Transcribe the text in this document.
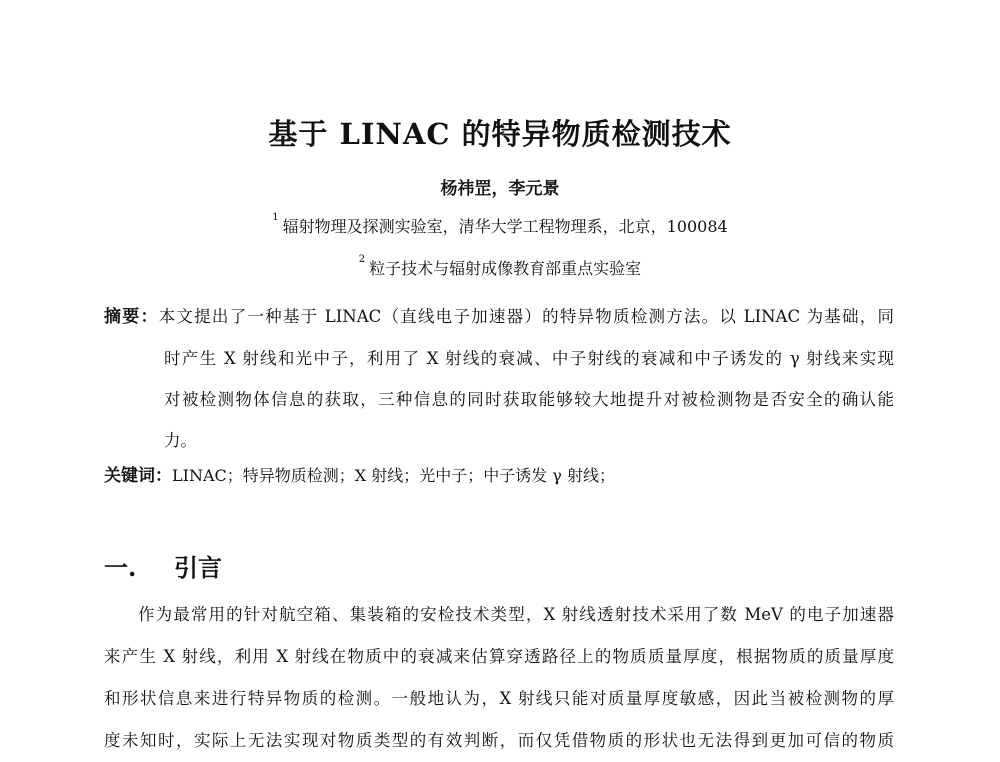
基于 LINAC 的特异物质检测技术
杨祎罡，李元景
$^1$ 辐射物理及探测实验室，清华大学工程物理系，北京，100084
$^2$ 粒子技术与辐射成像教育部重点实验室
摘要：本文提出了一种基于 LINAC（直线电子加速器）的特异物质检测方法。以 LINAC 为基础，同
时产生 X 射线和光中子，利用了 X 射线的衰减、中子射线的衰减和中子诱发的 γ 射线来实现
对被检测物体信息的获取，三种信息的同时获取能够较大地提升对被检测物是否安全的确认能
力。
关键词：LINAC；特异物质检测；X 射线；光中子；中子诱发 γ 射线；
一. 引言
作为最常用的针对航空箱、集装箱的安检技术类型，X 射线透射技术采用了数 MeV 的电子加速器
来产生 X 射线，利用 X 射线在物质中的衰减来估算穿透路径上的物质质量厚度，根据物质的质量厚度
和形状信息来进行特异物质的检测。一般地认为，X 射线只能对质量厚度敏感，因此当被检测物的厚
度未知时，实际上无法实现对物质类型的有效判断，而仅凭借物质的形状也无法得到更加可信的物质
